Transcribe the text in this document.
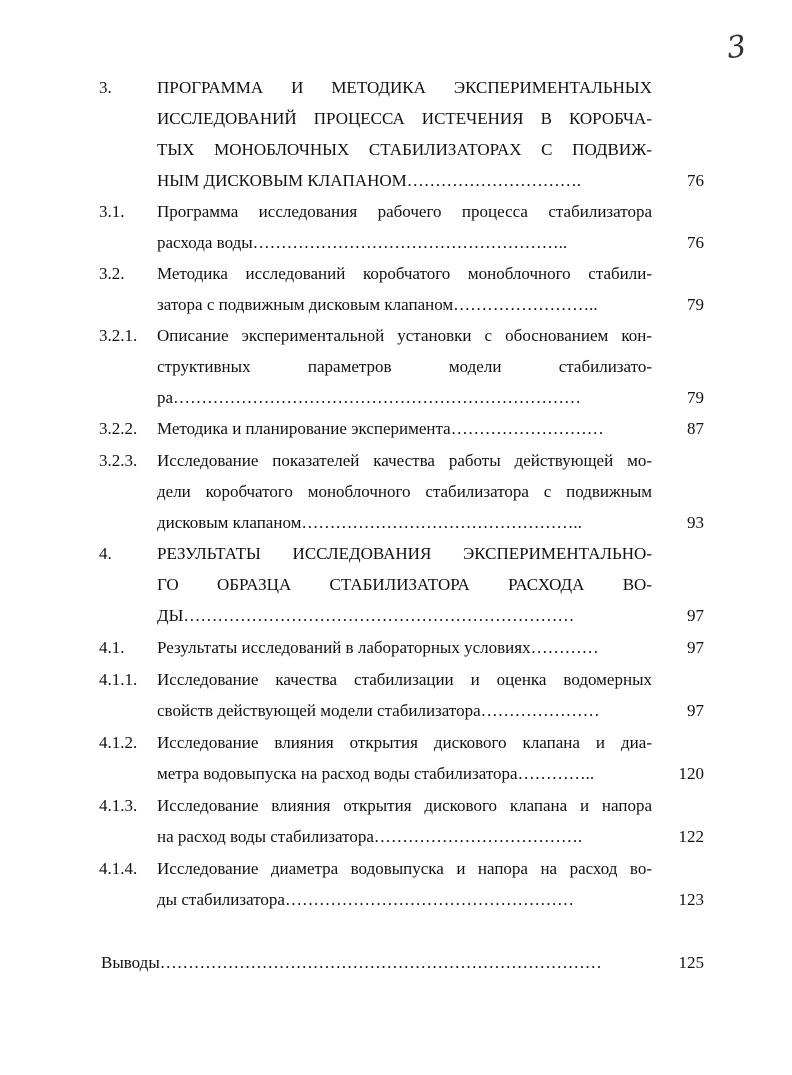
3
3.	ПРОГРАММА И МЕТОДИКА ЭКСПЕРИМЕНТАЛЬНЫХ
ИССЛЕДОВАНИЙ ПРОЦЕССА ИСТЕЧЕНИЯ В КОРОБЧА-
ТЫХ МОНОБЛОЧНЫХ СТАБИЛИЗАТОРАХ С ПОДВИЖ-
НЫМ ДИСКОВЫМ КЛАПАНОМ………………………….	76
3.1. Программа исследования рабочего процесса стабилизатора
расхода воды………………………………………………..	76
3.2. Методика исследований коробчатого моноблочного стабили-
затора с подвижным дисковым клапаном……………………..	79
3.2.1. Описание экспериментальной установки с обоснованием кон-
структивных параметров модели стабилизато-
ра………………………………………………………………	79
3.2.2. Методика и планирование эксперимента………………………	87
3.2.3. Исследование показателей качества работы действующей мо-
дели коробчатого моноблочного стабилизатора с подвижным
дисковым клапаном…………………………………………..	93
4.	РЕЗУЛЬТАТЫ ИССЛЕДОВАНИЯ ЭКСПЕРИМЕНТАЛЬНО-
ГО ОБРАЗЦА СТАБИЛИЗАТОРА РАСХОДА ВО-
ДЫ……………………………………………………………	97
4.1. Результаты исследований в лабораторных условиях…………	97
4.1.1. Исследование качества стабилизации и оценка водомерных
свойств действующей модели стабилизатора…………………	97
4.1.2. Исследование влияния открытия дискового клапана и диа-
метра водовыпуска на расход воды стабилизатора…………..	120
4.1.3. Исследование влияния открытия дискового клапана и напора
на расход воды стабилизатора……………………………….	122
4.1.4. Исследование диаметра водовыпуска и напора на расход во-
ды стабилизатора……………………………………………	123
Выводы……………………………………………………………………	125
